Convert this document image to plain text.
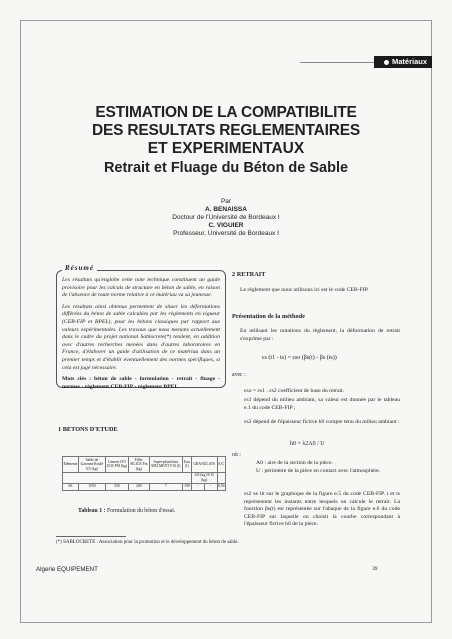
Matériaux
ESTIMATION DE LA COMPATIBILITE
DES RESULTATS REGLEMENTAIRES
ET EXPERIMENTAUX
Retrait et Fluage du Béton de Sable
Par
A. BENAISSA
Doctour de l'Université de Bordeaux I
C. VIGUIER
Professeur, Université de Bordeaux I
Résumé

Les résultats qu'englobe cette note technique constituent un guide provisoire pour les calculs de structure en béton de sable, en raison de l'absence de toute norme relative à ce matériau vu sa jeunesse.

Les résultats ainsi obtenus permettent de situer les déformations différées du béton de sable calculées par les règlements en vigueur (CEB-FIP et BPEL), pour les bétons classiques par rapport aux valeurs expérimentales. Les travaux que nous menons actuellement dans le cadre du projet national Sablocrete(*) tendent, en addition avec d'autres recherches menées dans d'autres laboratoires en France, d'élaborer un guide d'utilisation de ce matériau dans un premier temps et d'établir éventuellement des normes spécifiques, si cela est jugé nécessaire.

Mots clés : béton de sable - formulation - retrait - fluage - normes - règlement CEB-FIP - règlement BPEL.

1 BETONS D'ETUDE
Eléments	Sable de Garonne Roulé 0/5 (kg)	Ciment CPJ 45 R PM (kg)	Filler SILICE Fin (kg)	Super-plastifiant MELMENT F10 (l)	Eau (l)	GRANULATS		E/C
						4/8 (kg) 8/15 (kg)		
SS	1550	350	200	7	198	-	-	0,56
Tableau 1 : Formulation du béton d'essai.
2 RETRAIT
Le règlement que nous utilisons ici est le code CEB-FIP.
Présentation de la méthode
En utilisant les notations du règlement, la déformation de retrait s'exprime par :
εs (t1 - ts) = εso (βs(t) - βs (ts))
avec :
εso = εs1 . εs2 coefficient de base du retrait.
εs1 dépend du milieu ambiant, sa valeur est donnée par le tableau e.1 du code CEB-FIP ;
εs2 dépend de l'épaisseur fictive h0 compte tenu du milieu ambiant :
h0 = λ2A0 / U
où :
A0 : aire de la section de la pièce.
U : périmètre de la pièce en contact avec l'atmosphère.
εs2 se lit sur le graphique de la figure e.5 du code CEB-FIP. t et ts représentent les instants entre lesquels on calcule le retrait. La fonction βs(t) est représentée sur l'abaque de la figure e.6 du code CEB-FIP sur laquelle on choisit la courbe correspondant à l'épaisseur fictive h0 de la pièce.
(*) SABLOCRETE : Association pour la promotion et le développement du béton de sable.
Algerie EQUIPEMENT	39
